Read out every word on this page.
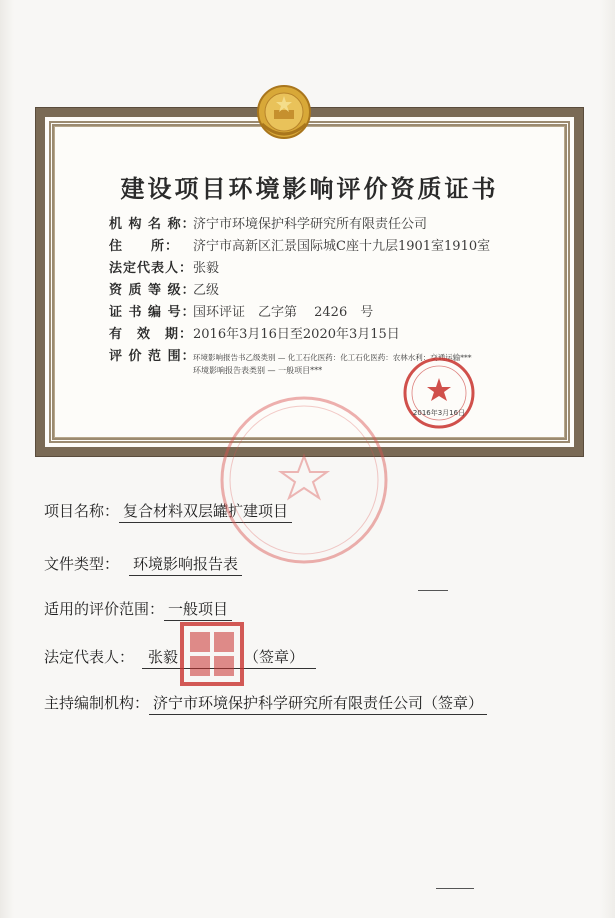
建设项目环境影响评价资质证书
机 构 名 称：济宁市环境保护科学研究所有限责任公司
住　　所： 济宁市高新区汇景国际城C座十九层1901室1910室
法定代表人：张毅
资 质 等 级：乙级
证 书 编 号：国环评证　乙字第　 2426　号
有　效　期：2016年3月16日至2020年3月15日
评 价 范 围：环境影响报告书乙级类别 — 化工石化医药：化工石化医药：农林水利：交通运输***
环境影响报告表类别 — 一般项目***
2016年3月16日
项目名称： 复合材料双层罐扩建项目
文件类型： 环境影响报告表
适用的评价范围： 一般项目
法定代表人： 张毅	（签章）
主持编制机构： 济宁市环境保护科学研究所有限责任公司（签章）
